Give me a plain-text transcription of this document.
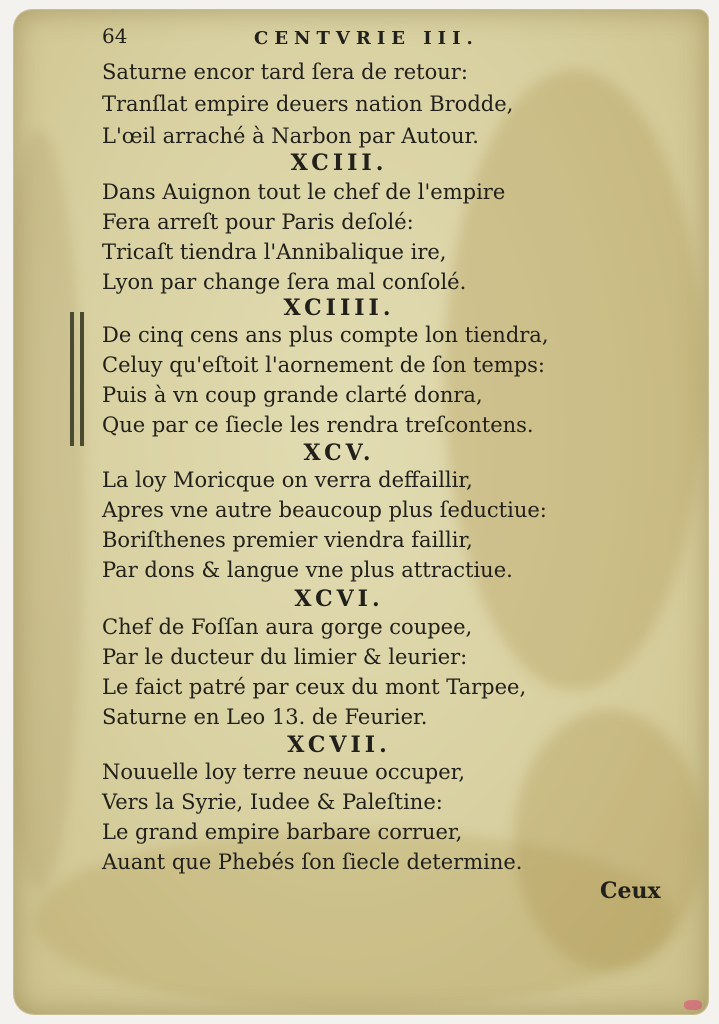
64	CENTVRIE III.
Saturne encor tard ſera de retour:
Tranſlat empire deuers nation Brodde,
L'œil arraché à Narbon par Autour.
XCIII.
Dans Auignon tout le chef de l'empire
Fera arreſt pour Paris deſolé:
Tricaſt tiendra l'Annibalique ire,
Lyon par change ſera mal conſolé.
XCIIII.
De cinq cens ans plus compte lon tiendra,
Celuy qu'eſtoit l'aornement de ſon temps:
Puis à vn coup grande clarté donra,
Que par ce ſiecle les rendra treſcontens.
XCV.
La loy Moricque on verra deffaillir,
Apres vne autre beaucoup plus ſeductiue:
Boriſthenes premier viendra faillir,
Par dons & langue vne plus attractiue.
XCVI.
Chef de Foſſan aura gorge coupee,
Par le ducteur du limier & leurier:
Le faict patré par ceux du mont Tarpee,
Saturne en Leo 13. de Feurier.
XCVII.
Nouuelle loy terre neuue occuper,
Vers la Syrie, Iudee & Paleſtine:
Le grand empire barbare corruer,
Auant que Phebés ſon ſiecle determine.
Ceux
